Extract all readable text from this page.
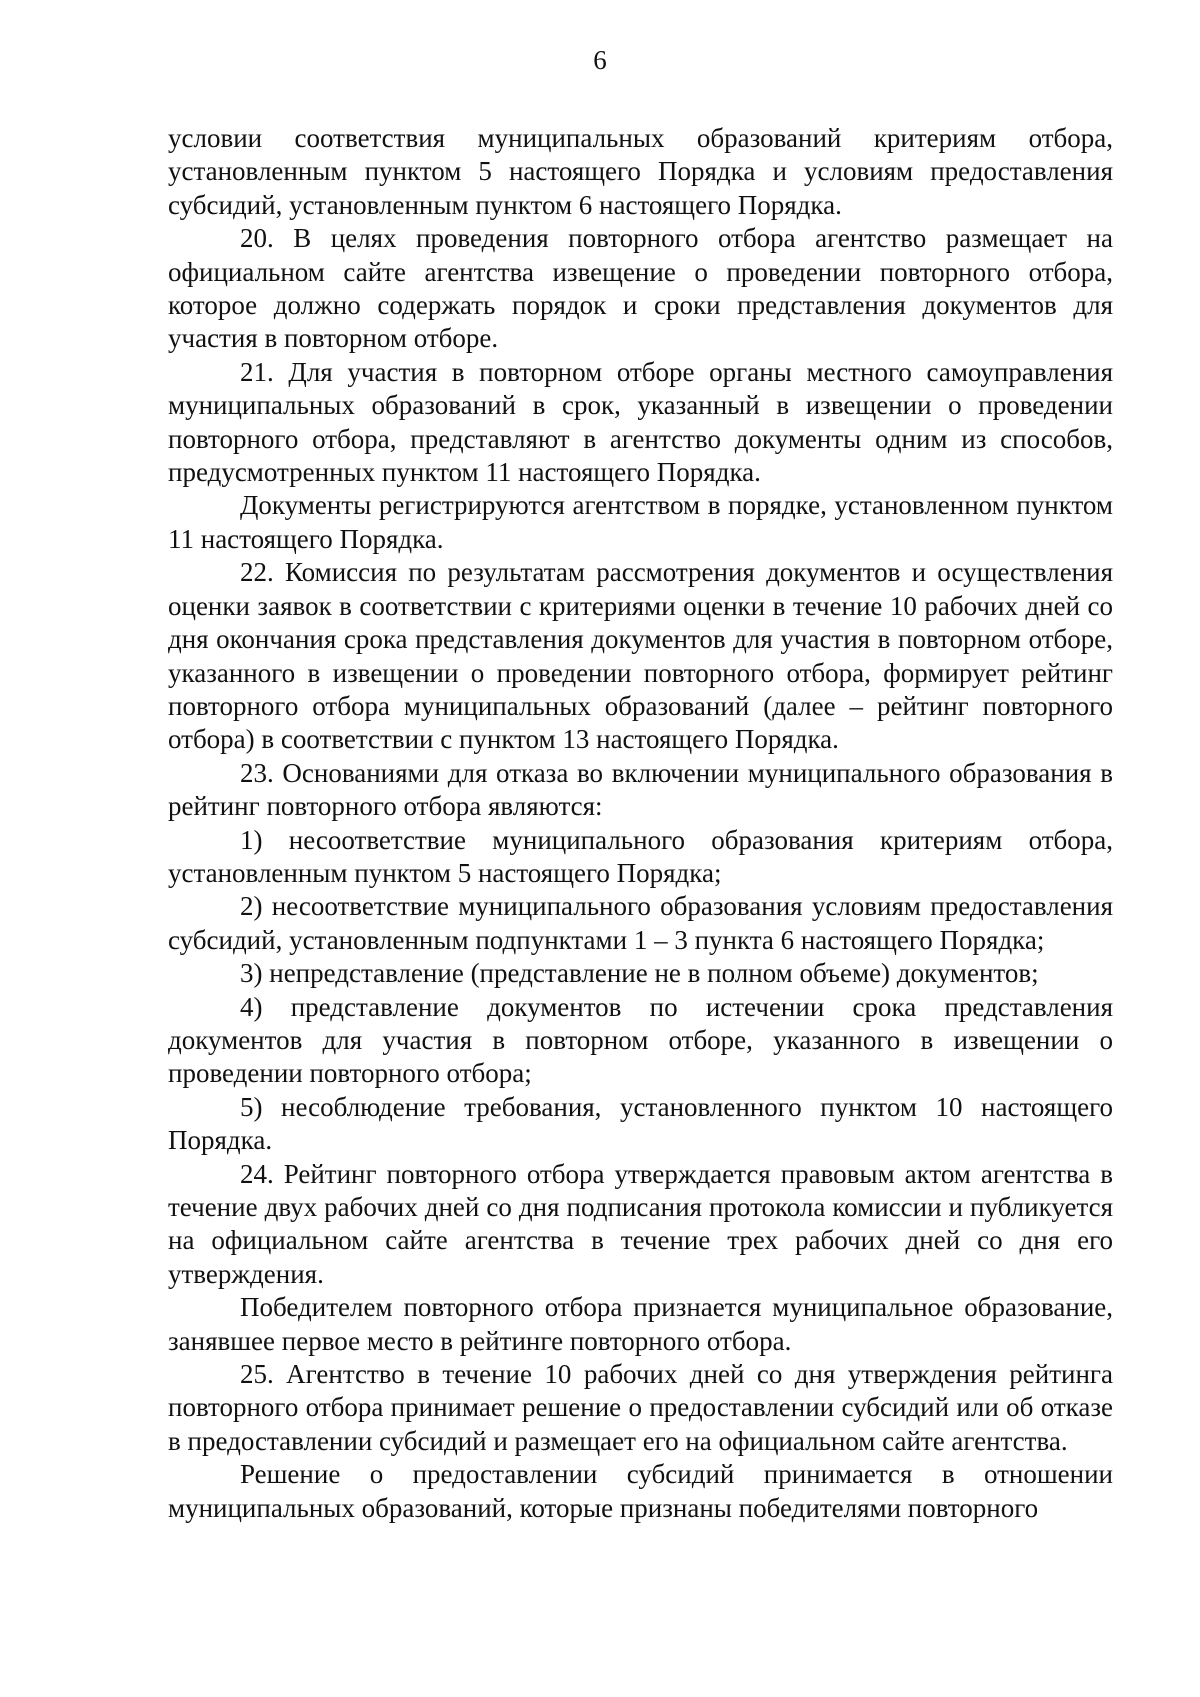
6

условии соответствия муниципальных образований критериям отбора, установленным пунктом 5 настоящего Порядка и условиям предоставления субсидий, установленным пунктом 6 настоящего Порядка.

20. В целях проведения повторного отбора агентство размещает на официальном сайте агентства извещение о проведении повторного отбора, которое должно содержать порядок и сроки представления документов для участия в повторном отборе.

21. Для участия в повторном отборе органы местного самоуправления муниципальных образований в срок, указанный в извещении о проведении повторного отбора, представляют в агентство документы одним из способов, предусмотренных пунктом 11 настоящего Порядка.

Документы регистрируются агентством в порядке, установленном пунктом 11 настоящего Порядка.

22. Комиссия по результатам рассмотрения документов и осуществления оценки заявок в соответствии с критериями оценки в течение 10 рабочих дней со дня окончания срока представления документов для участия в повторном отборе, указанного в извещении о проведении повторного отбора, формирует рейтинг повторного отбора муниципальных образований (далее – рейтинг повторного отбора) в соответствии с пунктом 13 настоящего Порядка.

23. Основаниями для отказа во включении муниципального образования в рейтинг повторного отбора являются:

1) несоответствие муниципального образования критериям отбора, установленным пунктом 5 настоящего Порядка;

2) несоответствие муниципального образования условиям предоставления субсидий, установленным подпунктами 1 – 3 пункта 6 настоящего Порядка;

3) непредставление (представление не в полном объеме) документов;

4) представление документов по истечении срока представления документов для участия в повторном отборе, указанного в извещении о проведении повторного отбора;

5) несоблюдение требования, установленного пунктом 10 настоящего Порядка.

24. Рейтинг повторного отбора утверждается правовым актом агентства в течение двух рабочих дней со дня подписания протокола комиссии и публикуется на официальном сайте агентства в течение трех рабочих дней со дня его утверждения.

Победителем повторного отбора признается муниципальное образование, занявшее первое место в рейтинге повторного отбора.

25. Агентство в течение 10 рабочих дней со дня утверждения рейтинга повторного отбора принимает решение о предоставлении субсидий или об отказе в предоставлении субсидий и размещает его на официальном сайте агентства.

Решение о предоставлении субсидий принимается в отношении муниципальных образований, которые признаны победителями повторного
